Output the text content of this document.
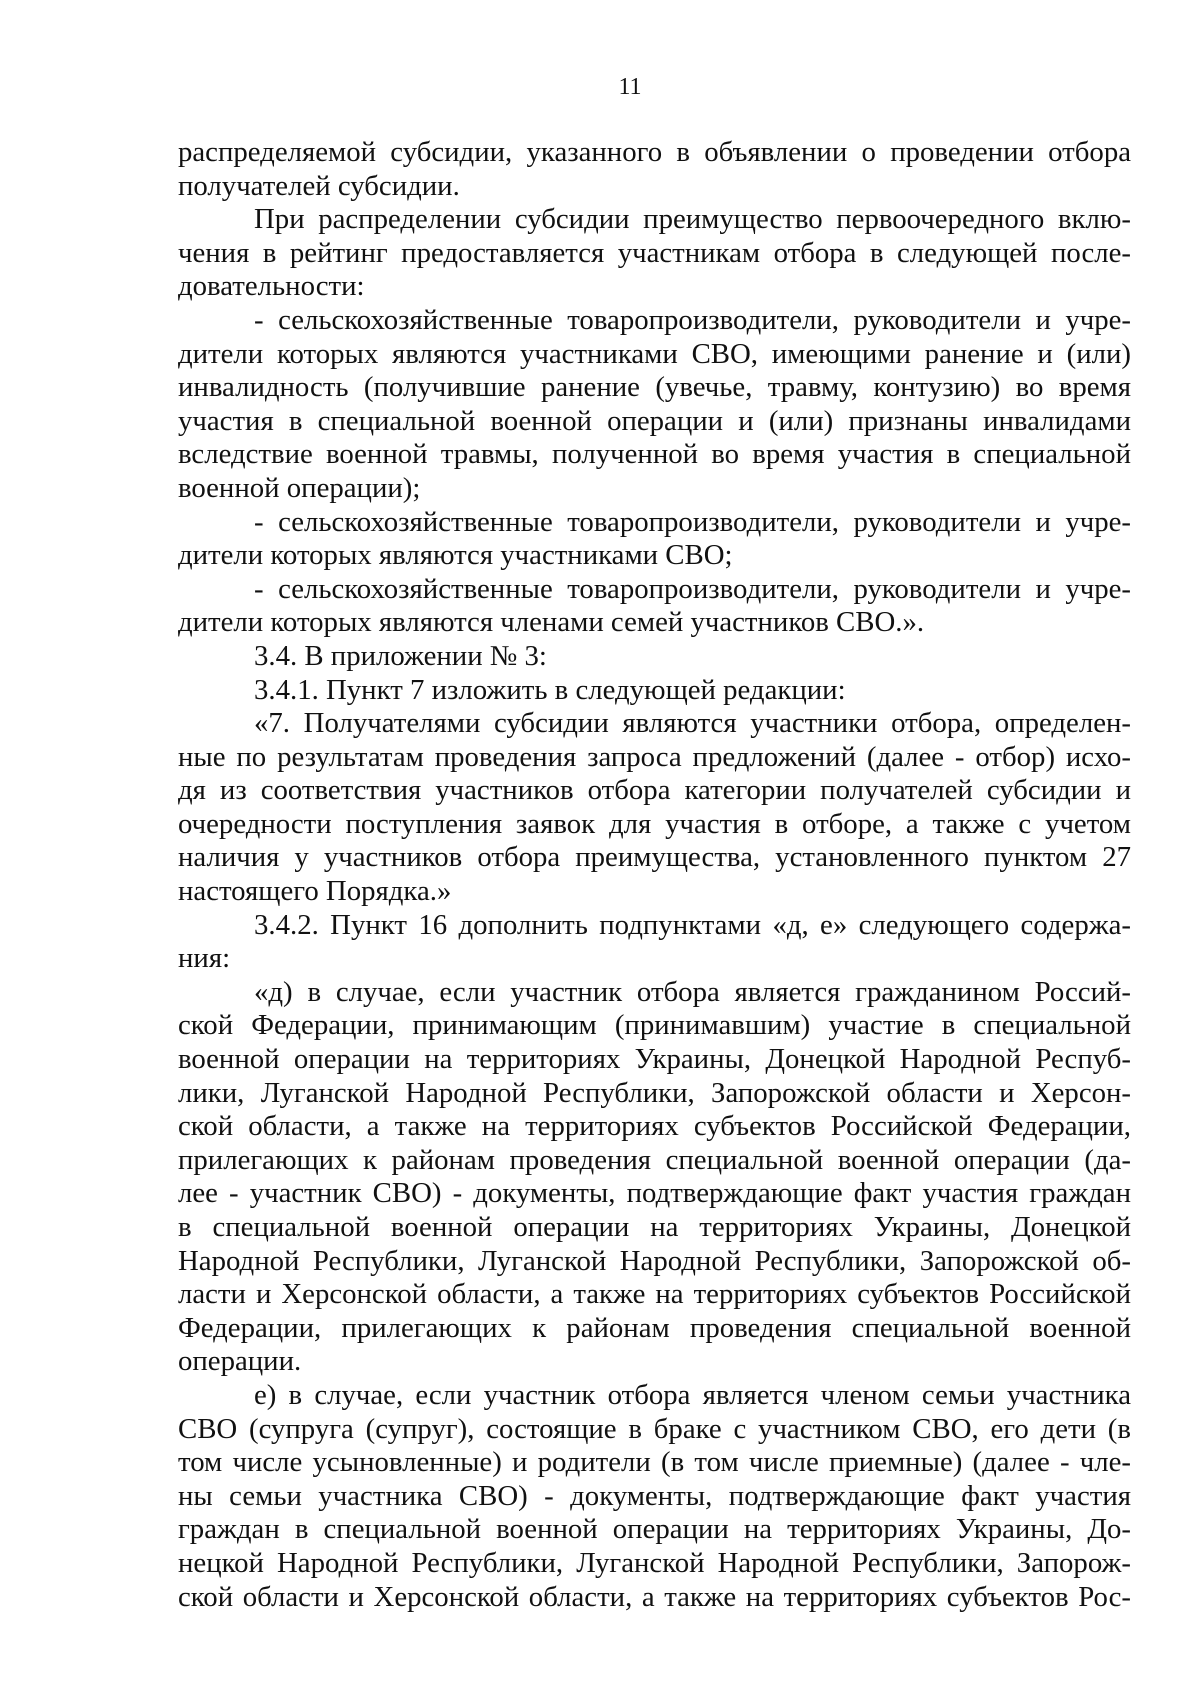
11

распределяемой субсидии, указанного в объявлении о проведении отбора
получателей субсидии.
При распределении субсидии преимущество первоочередного вклю-
чения в рейтинг предоставляется участникам отбора в следующей после-
довательности:
- сельскохозяйственные товаропроизводители, руководители и учре-
дители которых являются участниками СВО, имеющими ранение и (или)
инвалидность (получившие ранение (увечье, травму, контузию) во время
участия в специальной военной операции и (или) признаны инвалидами
вследствие военной травмы, полученной во время участия в специальной
военной операции);
- сельскохозяйственные товаропроизводители, руководители и учре-
дители которых являются участниками СВО;
- сельскохозяйственные товаропроизводители, руководители и учре-
дители которых являются членами семей участников СВО.».
3.4. В приложении № 3:
3.4.1. Пункт 7 изложить в следующей редакции:
«7. Получателями субсидии являются участники отбора, определен-
ные по результатам проведения запроса предложений (далее - отбор) исхо-
дя из соответствия участников отбора категории получателей субсидии и
очередности поступления заявок для участия в отборе, а также с учетом
наличия у участников отбора преимущества, установленного пунктом 27
настоящего Порядка.»
3.4.2. Пункт 16 дополнить подпунктами «д, е» следующего содержа-
ния:
«д) в случае, если участник отбора является гражданином Россий-
ской Федерации, принимающим (принимавшим) участие в специальной
военной операции на территориях Украины, Донецкой Народной Респуб-
лики, Луганской Народной Республики, Запорожской области и Херсон-
ской области, а также на территориях субъектов Российской Федерации,
прилегающих к районам проведения специальной военной операции (да-
лее - участник СВО) - документы, подтверждающие факт участия граждан
в специальной военной операции на территориях Украины, Донецкой
Народной Республики, Луганской Народной Республики, Запорожской об-
ласти и Херсонской области, а также на территориях субъектов Российской
Федерации, прилегающих к районам проведения специальной военной
операции.
е) в случае, если участник отбора является членом семьи участника
СВО (супруга (супруг), состоящие в браке с участником СВО, его дети (в
том числе усыновленные) и родители (в том числе приемные) (далее - чле-
ны семьи участника СВО) - документы, подтверждающие факт участия
граждан в специальной военной операции на территориях Украины, До-
нецкой Народной Республики, Луганской Народной Республики, Запорож-
ской области и Херсонской области, а также на территориях субъектов Рос-
